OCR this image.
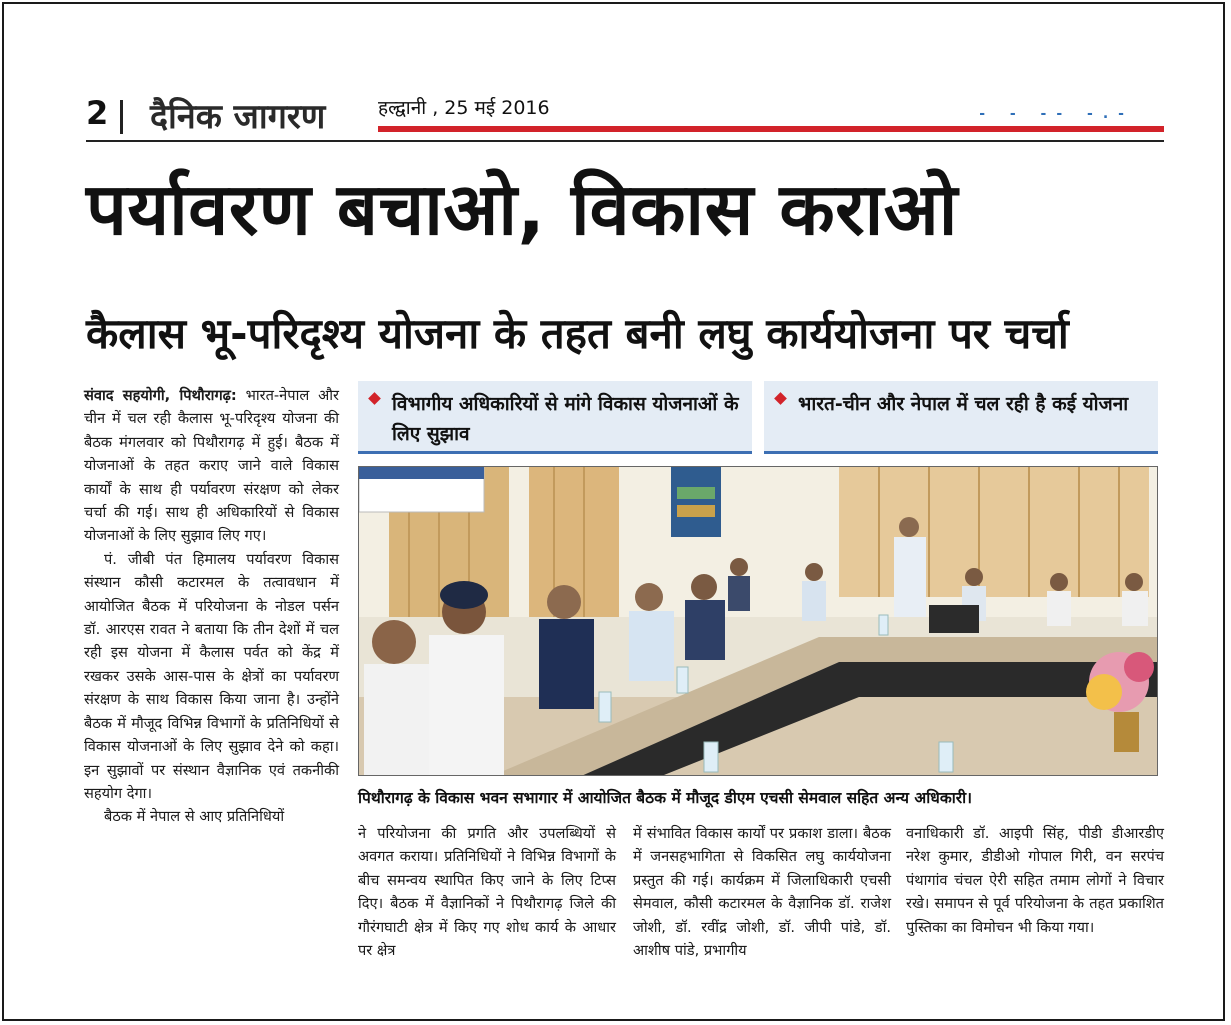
2 दैनिक जागरण	हल्द्वानी , 25 मई 2016	- - -- -.-
पर्यावरण बचाओ, विकास कराओ
कैलास भू-परिदृश्य योजना के तहत बनी लघु कार्ययोजना पर चर्चा

संवाद सहयोगी, पिथौरागढ़: भारत-नेपाल और चीन में चल रही कैलास भू-परिदृश्य योजना की बैठक मंगलवार को पिथौरागढ़ में हुई। बैठक में योजनाओं के तहत कराए जाने वाले विकास कार्यों के साथ ही पर्यावरण संरक्षण को लेकर चर्चा की गई। साथ ही अधिकारियों से विकास योजनाओं के लिए सुझाव लिए गए।

पं. जीबी पंत हिमालय पर्यावरण विकास संस्थान कौसी कटारमल के तत्वावधान में आयोजित बैठक में परियोजना के नोडल पर्सन डॉ. आरएस रावत ने बताया कि तीन देशों में चल रही इस योजना में कैलास पर्वत को केंद्र में रखकर उसके आस-पास के क्षेत्रों का पर्यावरण संरक्षण के साथ विकास किया जाना है। उन्होंने बैठक में मौजूद विभिन्न विभागों के प्रतिनिधियों से विकास योजनाओं के लिए सुझाव देने को कहा। इन सुझावों पर संस्थान वैज्ञानिक एवं तकनीकी सहयोग देगा।

बैठक में नेपाल से आए प्रतिनिधियों

विभागीय अधिकारियों से मांगे विकास योजनाओं के लिए सुझाव
भारत-चीन और नेपाल में चल रही है कई योजना
पिथौरागढ़ के विकास भवन सभागार में आयोजित बैठक में मौजूद डीएम एचसी सेमवाल सहित अन्य अधिकारी।

ने परियोजना की प्रगति और उपलब्धियों से अवगत कराया। प्रतिनिधियों ने विभिन्न विभागों के बीच समन्वय स्थापित किए जाने के लिए टिप्स दिए। बैठक में वैज्ञानिकों ने पिथौरागढ़ जिले की गौरंगघाटी क्षेत्र में किए गए शोध कार्य के आधार पर क्षेत्र

में संभावित विकास कार्यों पर प्रकाश डाला। बैठक में जनसहभागिता से विकसित लघु कार्ययोजना प्रस्तुत की गई। कार्यक्रम में जिलाधिकारी एचसी सेमवाल, कौसी कटारमल के वैज्ञानिक डॉ. राजेश जोशी, डॉ. रवींद्र जोशी, डॉ. जीपी पांडे, डॉ. आशीष पांडे, प्रभागीय

वनाधिकारी डॉ. आइपी सिंह, पीडी डीआरडीए नरेश कुमार, डीडीओ गोपाल गिरी, वन सरपंच पंथागांव चंचल ऐरी सहित तमाम लोगों ने विचार रखे। समापन से पूर्व परियोजना के तहत प्रकाशित पुस्तिका का विमोचन भी किया गया।
